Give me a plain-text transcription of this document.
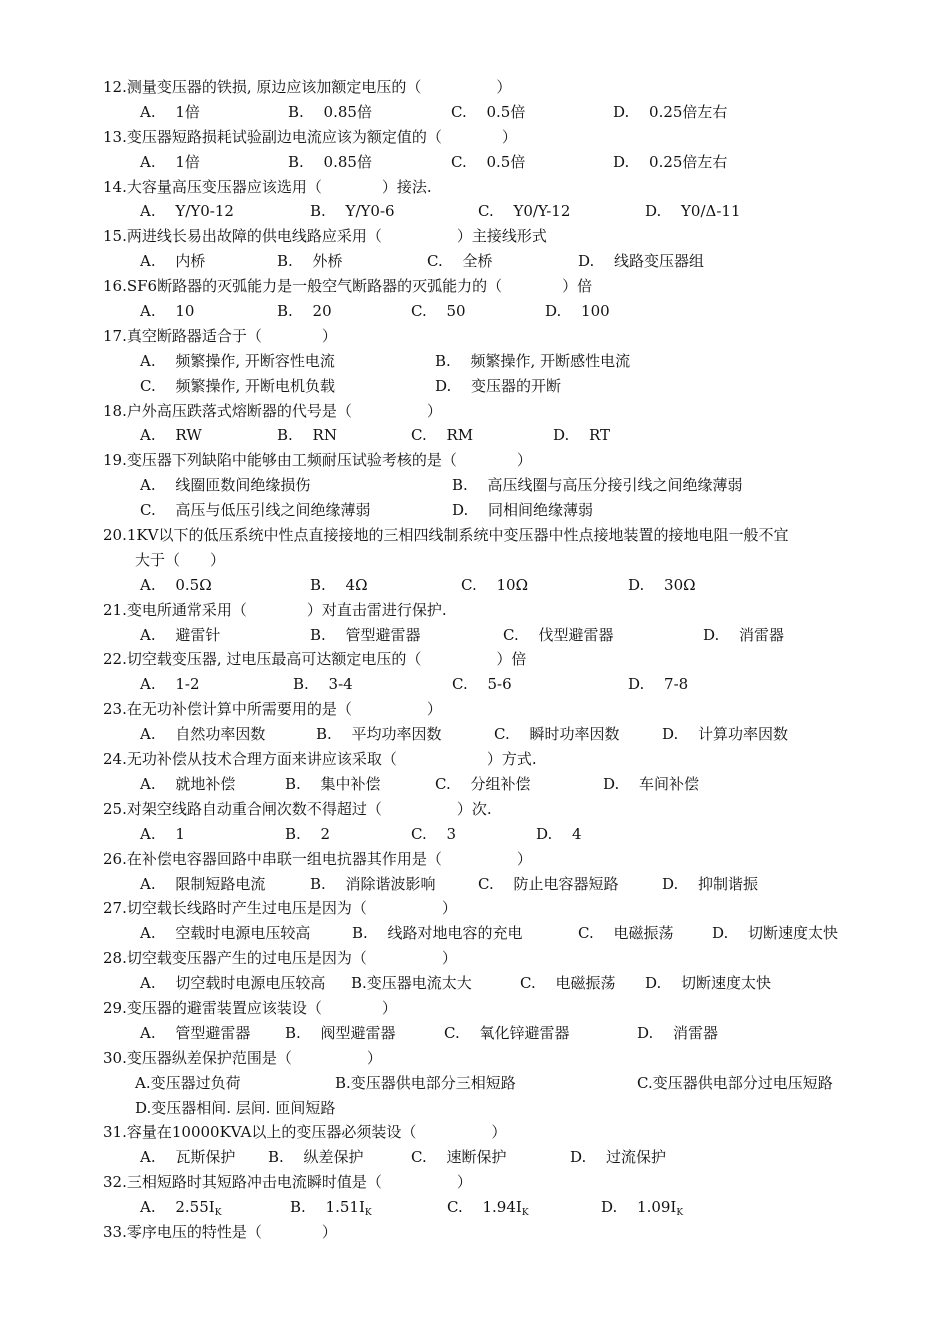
12.测量变压器的铁损, 原边应该加额定电压的（　　　　　）
A.　 1倍	B.　 0.85倍	C.　 0.5倍	D.　 0.25倍左右
13.变压器短路损耗试验副边电流应该为额定值的（　　　　）
A.　 1倍	B.　 0.85倍	C.　 0.5倍	D.　 0.25倍左右
14.大容量高压变压器应该选用（　　　　）接法.
A.　 Y/Y0-12	B.　 Y/Y0-6	C.　 Y0/Y-12	D.　 Y0/Δ-11
15.两进线长易出故障的供电线路应采用（　　　　　）主接线形式
A.　 内桥	B.　 外桥	C.　 全桥	D.　 线路变压器组
16.SF6断路器的灭弧能力是一般空气断路器的灭弧能力的（　　　　）倍
A.　 10	B.　 20	C.　 50	D.　 100
17.真空断路器适合于（　　　　）
A.　 频繁操作, 开断容性电流	B.　 频繁操作, 开断感性电流
C.　 频繁操作, 开断电机负载	D.　 变压器的开断
18.户外高压跌落式熔断器的代号是（　　　　　）
A.　 RW	B.　 RN	C.　 RM	D.　 RT
19.变压器下列缺陷中能够由工频耐压试验考核的是（　　　　）
A.　 线圈匝数间绝缘损伤	B.　 高压线圈与高压分接引线之间绝缘薄弱
C.　 高压与低压引线之间绝缘薄弱	D.　 同相间绝缘薄弱
20.1KV以下的低压系统中性点直接接地的三相四线制系统中变压器中性点接地装置的接地电阻一般不宜
大于（　　）
A.　 0.5Ω	B.　 4Ω	C.　 10Ω	D.　 30Ω
21.变电所通常采用（　　　　）对直击雷进行保护.
A.　 避雷针	B.　 管型避雷器	C.　 伐型避雷器	D.　 消雷器
22.切空载变压器, 过电压最高可达额定电压的（　　　　　）倍
A.　 1-2	B.　 3-4	C.　 5-6	D.　 7-8
23.在无功补偿计算中所需要用的是（　　　　　）
A.　 自然功率因数	B.　 平均功率因数	C.　 瞬时功率因数	D.　 计算功率因数
24.无功补偿从技术合理方面来讲应该采取（　　　　　　）方式.
A.　 就地补偿	B.　 集中补偿	C.　 分组补偿	D.　 车间补偿
25.对架空线路自动重合闸次数不得超过（　　　　　）次.
A.　 1	B.　 2	C.　 3	D.　 4
26.在补偿电容器回路中串联一组电抗器其作用是（　　　　　）
A.　 限制短路电流	B.　 消除谐波影响	C.　 防止电容器短路	D.　 抑制谐振
27.切空载长线路时产生过电压是因为（　　　　　）
A.　 空载时电源电压较高	B.　 线路对地电容的充电	C.　 电磁振荡	D.　 切断速度太快
28.切空载变压器产生的过电压是因为（　　　　　）
A.　 切空载时电源电压较高 B.变压器电流太大	C.　 电磁振荡 D.　 切断速度太快
29.变压器的避雷装置应该装设（　　　　）
A.　 管型避雷器 B.　 阀型避雷器	C.　 氧化锌避雷器	D.　 消雷器
30.变压器纵差保护范围是（　　　　　）
A.变压器过负荷	B.变压器供电部分三相短路	C.变压器供电部分过电压短路
D.变压器相间. 层间. 匝间短路
31.容量在10000KVA以上的变压器必须装设（　　　　　）
A.　 瓦斯保护 B.　 纵差保护	C.　 速断保护	D.　 过流保护
32.三相短路时其短路冲击电流瞬时值是（　　　　　）
A.　 $2.55I_K$	B.　 $1.51I_K$	C.　 $1.94I_K$	D.　 $1.09I_K$
33.零序电压的特性是（　　　　）
